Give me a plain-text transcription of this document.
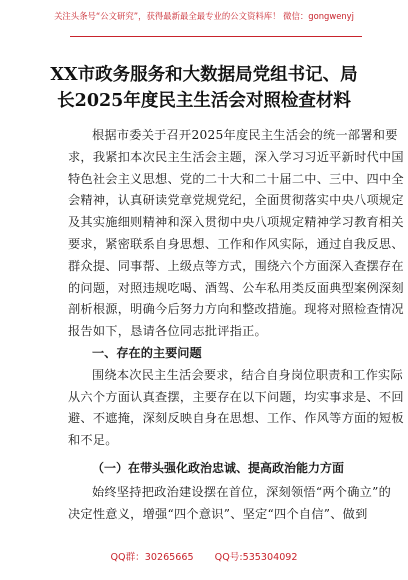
关注头条号“公文研究”，获得最新最全最专业的公文资料库！ 微信：gongwenyj
XX市政务服务和大数据局党组书记、局
长2025年度民主生活会对照检查材料
根据市委关于召开2025年度民主生活会的统一部署和要
求，我紧扣本次民主生活会主题，深入学习习近平新时代中国
特色社会主义思想、党的二十大和二十届二中、三中、四中全
会精神，认真研读党章党规党纪，全面贯彻落实中央八项规定
及其实施细则精神和深入贯彻中央八项规定精神学习教育相关
要求，紧密联系自身思想、工作和作风实际，通过自我反思、
群众提、同事帮、上级点等方式，围绕六个方面深入查摆存在
的问题，对照违规吃喝、酒驾、公车私用类反面典型案例深刻
剖析根源，明确今后努力方向和整改措施。现将对照检查情况
报告如下，恳请各位同志批评指正。
一、存在的主要问题
围绕本次民主生活会要求，结合自身岗位职责和工作实际
从六个方面认真查摆，主要存在以下问题，均实事求是、不回
避、不遮掩，深刻反映自身在思想、工作、作风等方面的短板
和不足。
（一）在带头强化政治忠诚、提高政治能力方面
始终坚持把政治建设摆在首位，深刻领悟“两个确立”的
决定性意义，增强“四个意识”、坚定“四个自信”、做到
QQ群：30265665 QQ号:535304092
